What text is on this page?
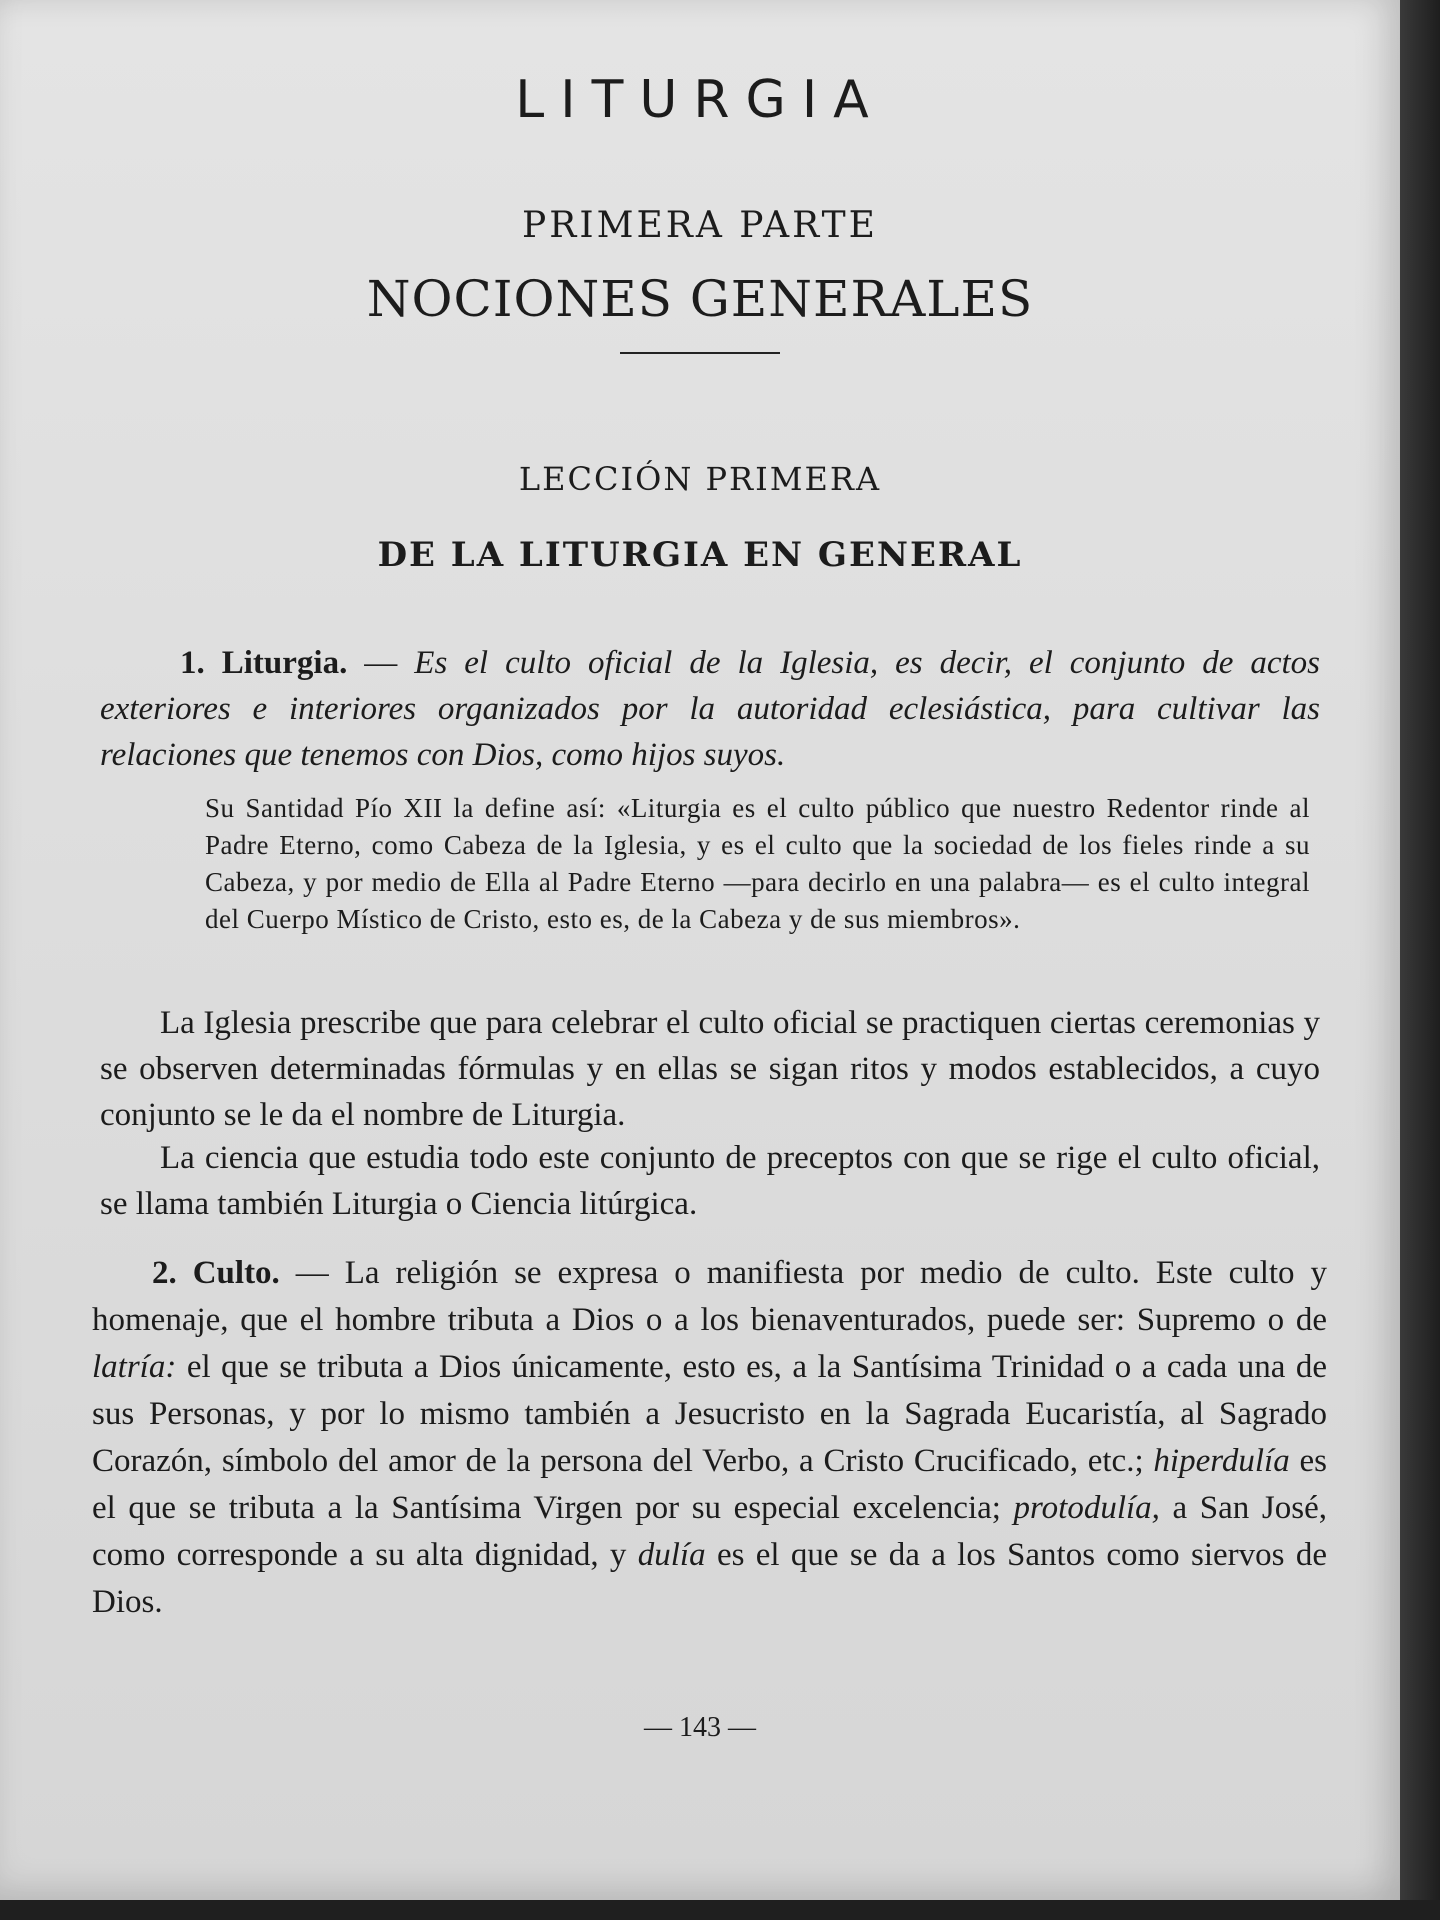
LITURGIA
PRIMERA PARTE
NOCIONES GENERALES
LECCIÓN PRIMERA
DE LA LITURGIA EN GENERAL
1. Liturgia. — Es el culto oficial de la Iglesia, es decir, el conjunto de actos exteriores e interiores organizados por la autoridad eclesiástica, para cultivar las relaciones que tenemos con Dios, como hijos suyos.
Su Santidad Pío XII la define así: «Liturgia es el culto público que nuestro Redentor rinde al Padre Eterno, como Cabeza de la Iglesia, y es el culto que la sociedad de los fieles rinde a su Cabeza, y por medio de Ella al Padre Eterno —para decirlo en una palabra— es el culto integral del Cuerpo Místico de Cristo, esto es, de la Cabeza y de sus miembros».
La Iglesia prescribe que para celebrar el culto oficial se practiquen ciertas ceremonias y se observen determinadas fórmulas y en ellas se sigan ritos y modos establecidos, a cuyo conjunto se le da el nombre de Liturgia.
La ciencia que estudia todo este conjunto de preceptos con que se rige el culto oficial, se llama también Liturgia o Ciencia litúrgica.
2. Culto. — La religión se expresa o manifiesta por medio de culto. Este culto y homenaje, que el hombre tributa a Dios o a los bienaventurados, puede ser: Supremo o de latría: el que se tributa a Dios únicamente, esto es, a la Santísima Trinidad o a cada una de sus Personas, y por lo mismo también a Jesucristo en la Sagrada Eucaristía, al Sagrado Corazón, símbolo del amor de la persona del Verbo, a Cristo Crucificado, etc.; hiperdulía es el que se tributa a la Santísima Virgen por su especial excelencia; protodulía, a San José, como corresponde a su alta dignidad, y dulía es el que se da a los Santos como siervos de Dios.
— 143 —
